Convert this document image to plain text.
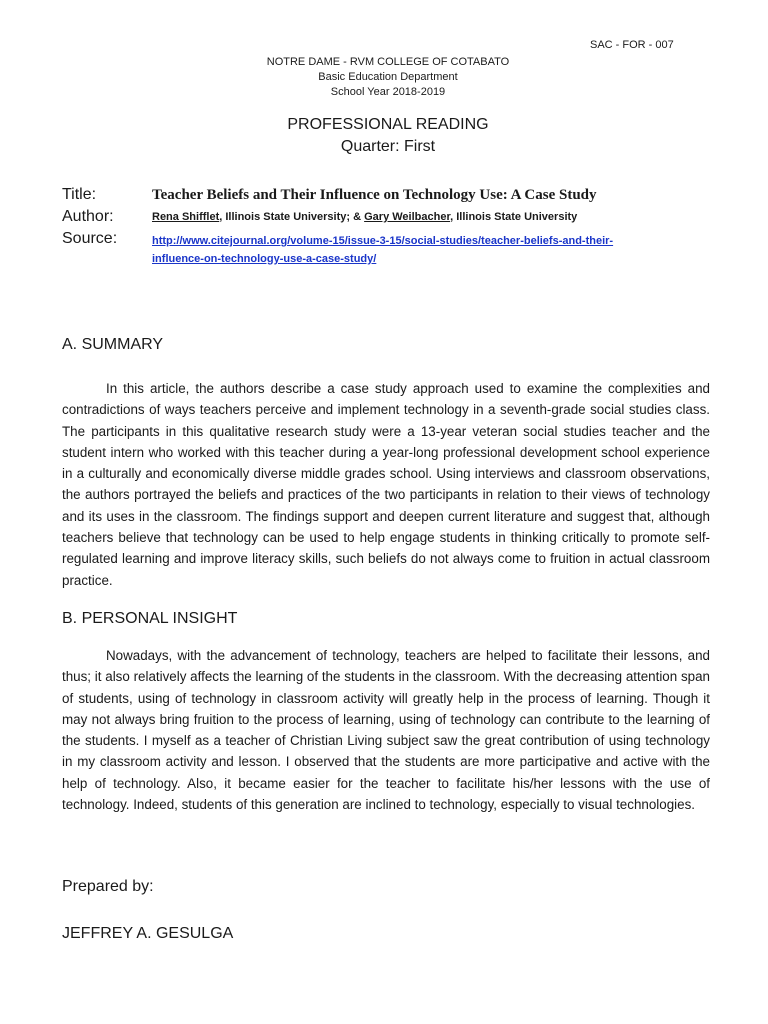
SAC - FOR - 007
NOTRE DAME - RVM COLLEGE OF COTABATO
Basic Education Department
School Year 2018-2019
PROFESSIONAL READING
Quarter: First
Title:	Teacher Beliefs and Their Influence on Technology Use: A Case Study
Author:	Rena Shifflet, Illinois State University; & Gary Weilbacher, Illinois State University
Source:	http://www.citejournal.org/volume-15/issue-3-15/social-studies/teacher-beliefs-and-their-
influence-on-technology-use-a-case-study/
A. SUMMARY

In this article, the authors describe a case study approach used to examine the complexities and contradictions of ways teachers perceive and implement technology in a seventh-grade social studies class. The participants in this qualitative research study were a 13-year veteran social studies teacher and the student intern who worked with this teacher during a year-long professional development school experience in a culturally and economically diverse middle grades school. Using interviews and classroom observations, the authors portrayed the beliefs and practices of the two participants in relation to their views of technology and its uses in the classroom. The findings support and deepen current literature and suggest that, although teachers believe that technology can be used to help engage students in thinking critically to promote self-regulated learning and improve literacy skills, such beliefs do not always come to fruition in actual classroom practice.

B. PERSONAL INSIGHT

Nowadays, with the advancement of technology, teachers are helped to facilitate their lessons, and thus; it also relatively affects the learning of the students in the classroom. With the decreasing attention span of students, using of technology in classroom activity will greatly help in the process of learning. Though it may not always bring fruition to the process of learning, using of technology can contribute to the learning of the students. I myself as a teacher of Christian Living subject saw the great contribution of using technology in my classroom activity and lesson. I observed that the students are more participative and active with the help of technology. Also, it became easier for the teacher to facilitate his/her lessons with the use of technology. Indeed, students of this generation are inclined to technology, especially to visual technologies.

Prepared by:
JEFFREY A. GESULGA
